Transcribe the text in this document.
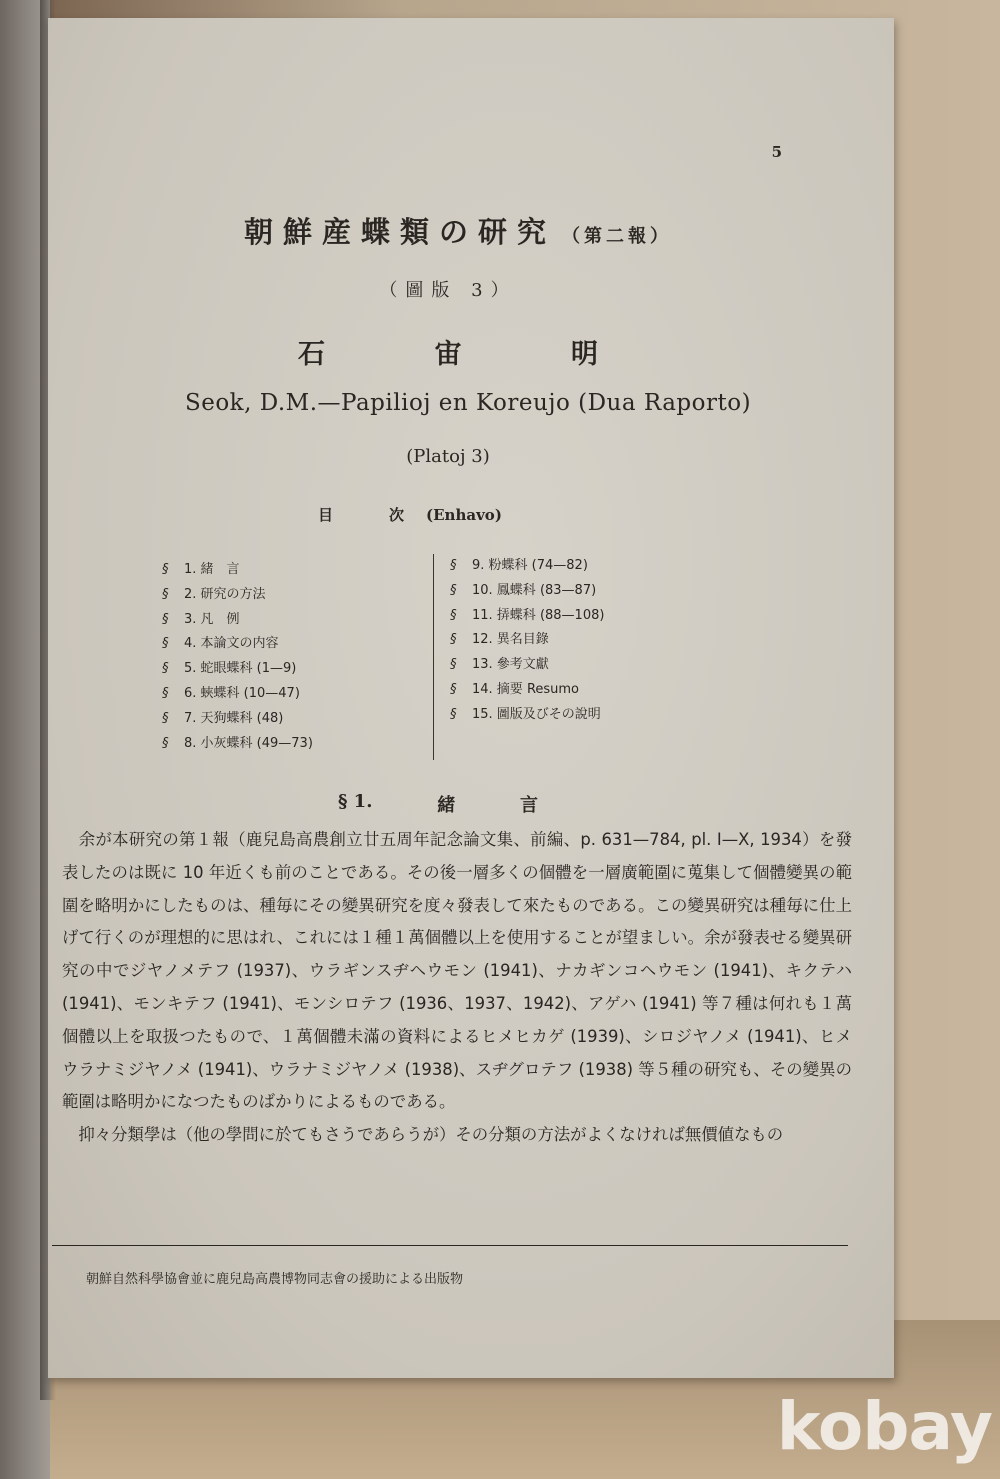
5
朝鮮産蝶類の研究 （第二報）
（圖版 3）
石	宙	明
Seok, D.M.—Papilioj en Koreujo (Dua Raporto)
(Platoj 3)
目	次 (Enhavo)
§ 1. 緒　言
§ 2. 研究の方法
§ 3. 凡　例
§ 4. 本論文の内容
§ 5. 蛇眼蝶科 (1—9)
§ 6. 蛺蝶科 (10—47)
§ 7. 天狗蝶科 (48)
§ 8. 小灰蝶科 (49—73)
§ 9. 粉蝶科 (74—82)
§ 10. 鳳蝶科 (83—87)
§ 11. 挵蝶科 (88—108)
§ 12. 異名目錄
§ 13. 參考文獻
§ 14. 摘要 Resumo
§ 15. 圖版及びその說明
§ 1.	緒	言

　余が本研究の第１報（鹿兒島高農創立廿五周年記念論文集、前編、p. 631—784, pl. I—X, 1934）を發表したのは既に 10 年近くも前のことである。その後一層多くの個體を一層廣範圍に蒐集して個體變異の範圍を略明かにしたものは、種毎にその變異研究を度々發表して來たものである。この變異研究は種毎に仕上げて行くのが理想的に思はれ、これには１種１萬個體以上を使用することが望ましい。余が發表せる變異研究の中でジヤノメテフ (1937)、ウラギンスヂヘウモン (1941)、ナカギンコヘウモン (1941)、キクテハ (1941)、モンキテフ (1941)、モンシロテフ (1936、1937、1942)、アゲハ (1941) 等７種は何れも１萬個體以上を取扱つたもので、１萬個體未滿の資料によるヒメヒカゲ (1939)、シロジヤノメ (1941)、ヒメウラナミジヤノメ (1941)、ウラナミジヤノメ (1938)、スヂグロテフ (1938) 等５種の研究も、その變異の範圍は略明かになつたものばかりによるものである。

　抑々分類學は（他の學問に於てもさうであらうが）その分類の方法がよくなければ無價値なもの

朝鮮自然科學協會並に鹿兒島高農博物同志會の援助による出版物
kobay
